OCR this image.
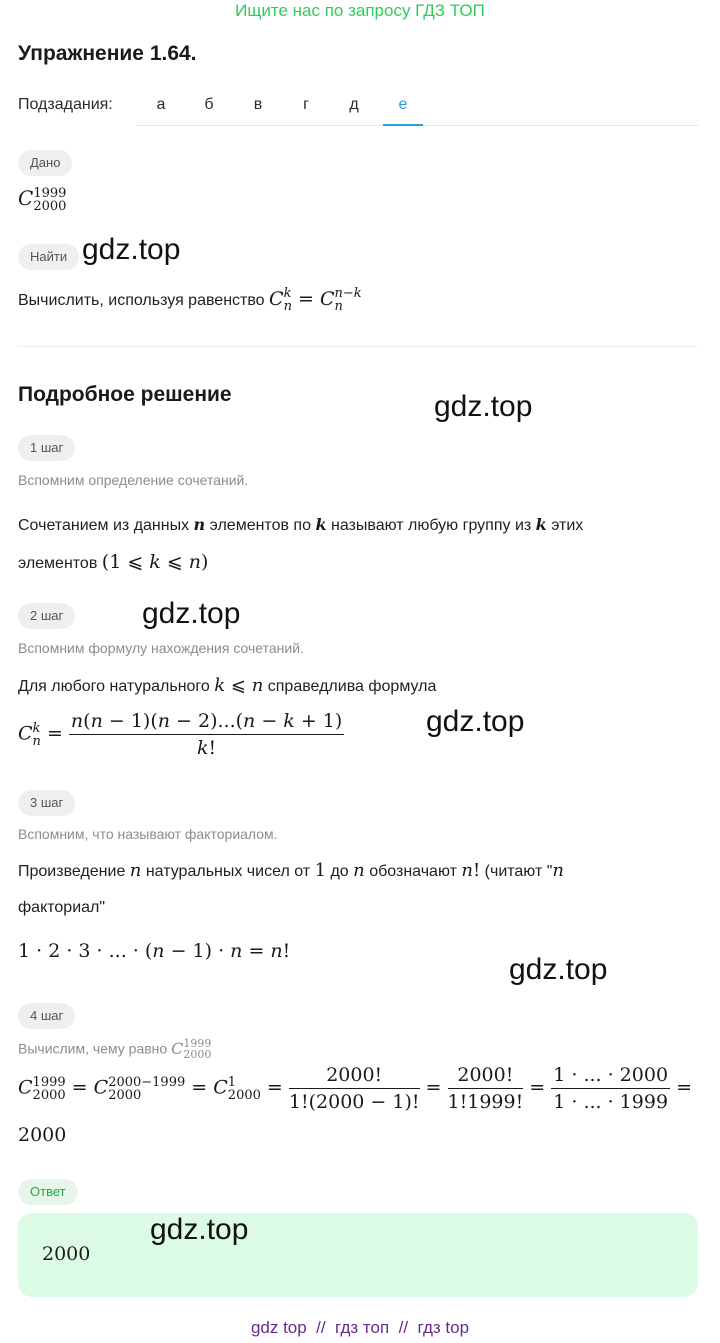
Ищите нас по запросу ГДЗ ТОП
Упражнение 1.64.
Подзадания:	а	б	в	г	д	е
Дано
C 1999
2000
Найти gdz.top
Вычислить, используя равенство C k
n = C n−k
n
Подробное решение	gdz.top
1 шаг
Вспомним определение сочетаний.
Сочетанием из данных n элементов по k называют любую группу из k этих
элементов (1 ⩽ k ⩽ n)
2 шаг	gdz.top
Вспомним формулу нахождения сочетаний.
Для любого натурального k ⩽ n справедлива формула
C k
$n = \frac{n(n - 1)(n - 2)...(n - k + 1)}{k!}$	gdz.top
3 шаг
Вспомним, что называют факториалом.
Произведение n натуральных чисел от 1 до n обозначают n! (читают "n
факториал"
1 · 2 · 3 · ... · (n − 1) · n = n!
gdz.top
4 шаг
Вычислим, чему равно C 1999
2000
C 1999
2000 = C 2000−1999
2000	= C 1
$2000 = \frac{2000!}{1!(2000 - 1)!} = \frac{2000!}{1!1999!} = \frac{1 \cdot ... \cdot 2000}{1 \cdot ... \cdot 1999}$ =
2000
Ответ
2000
gdz.top
gdz top  //  гдз топ  //  гдз top
